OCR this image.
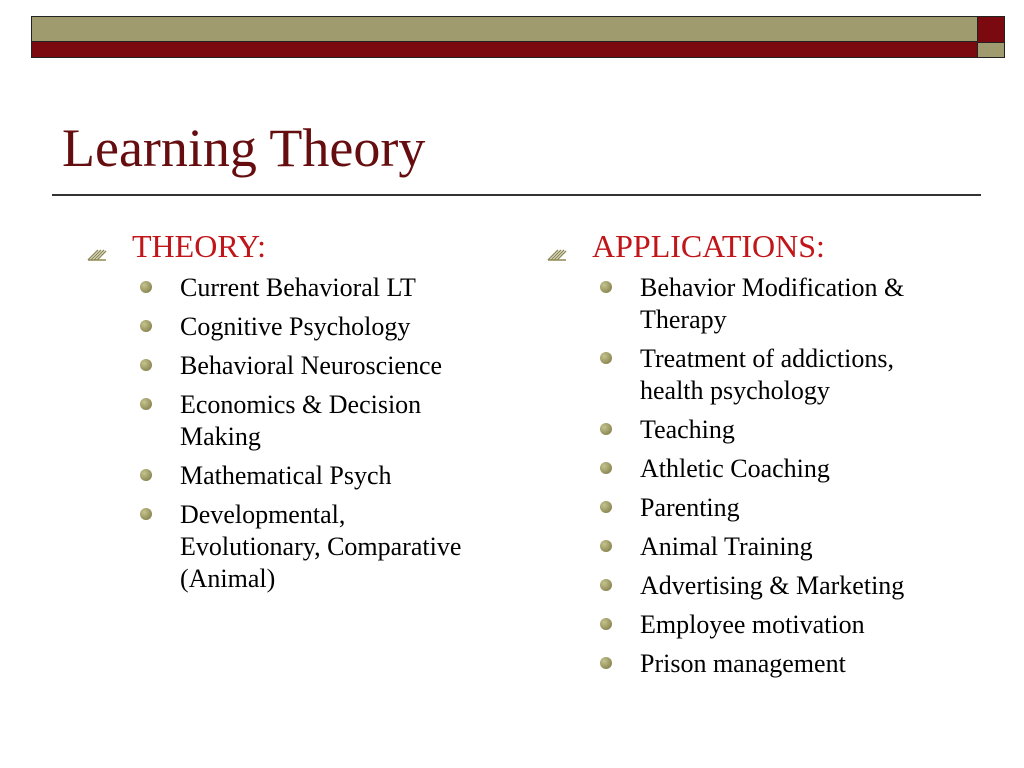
Learning Theory
THEORY:
Current Behavioral LT
Cognitive Psychology
Behavioral Neuroscience
Economics & Decision Making
Mathematical Psych
Developmental, Evolutionary, Comparative (Animal)
APPLICATIONS:
Behavior Modification & Therapy
Treatment of addictions, health psychology
Teaching
Athletic Coaching
Parenting
Animal Training
Advertising & Marketing
Employee motivation
Prison management
